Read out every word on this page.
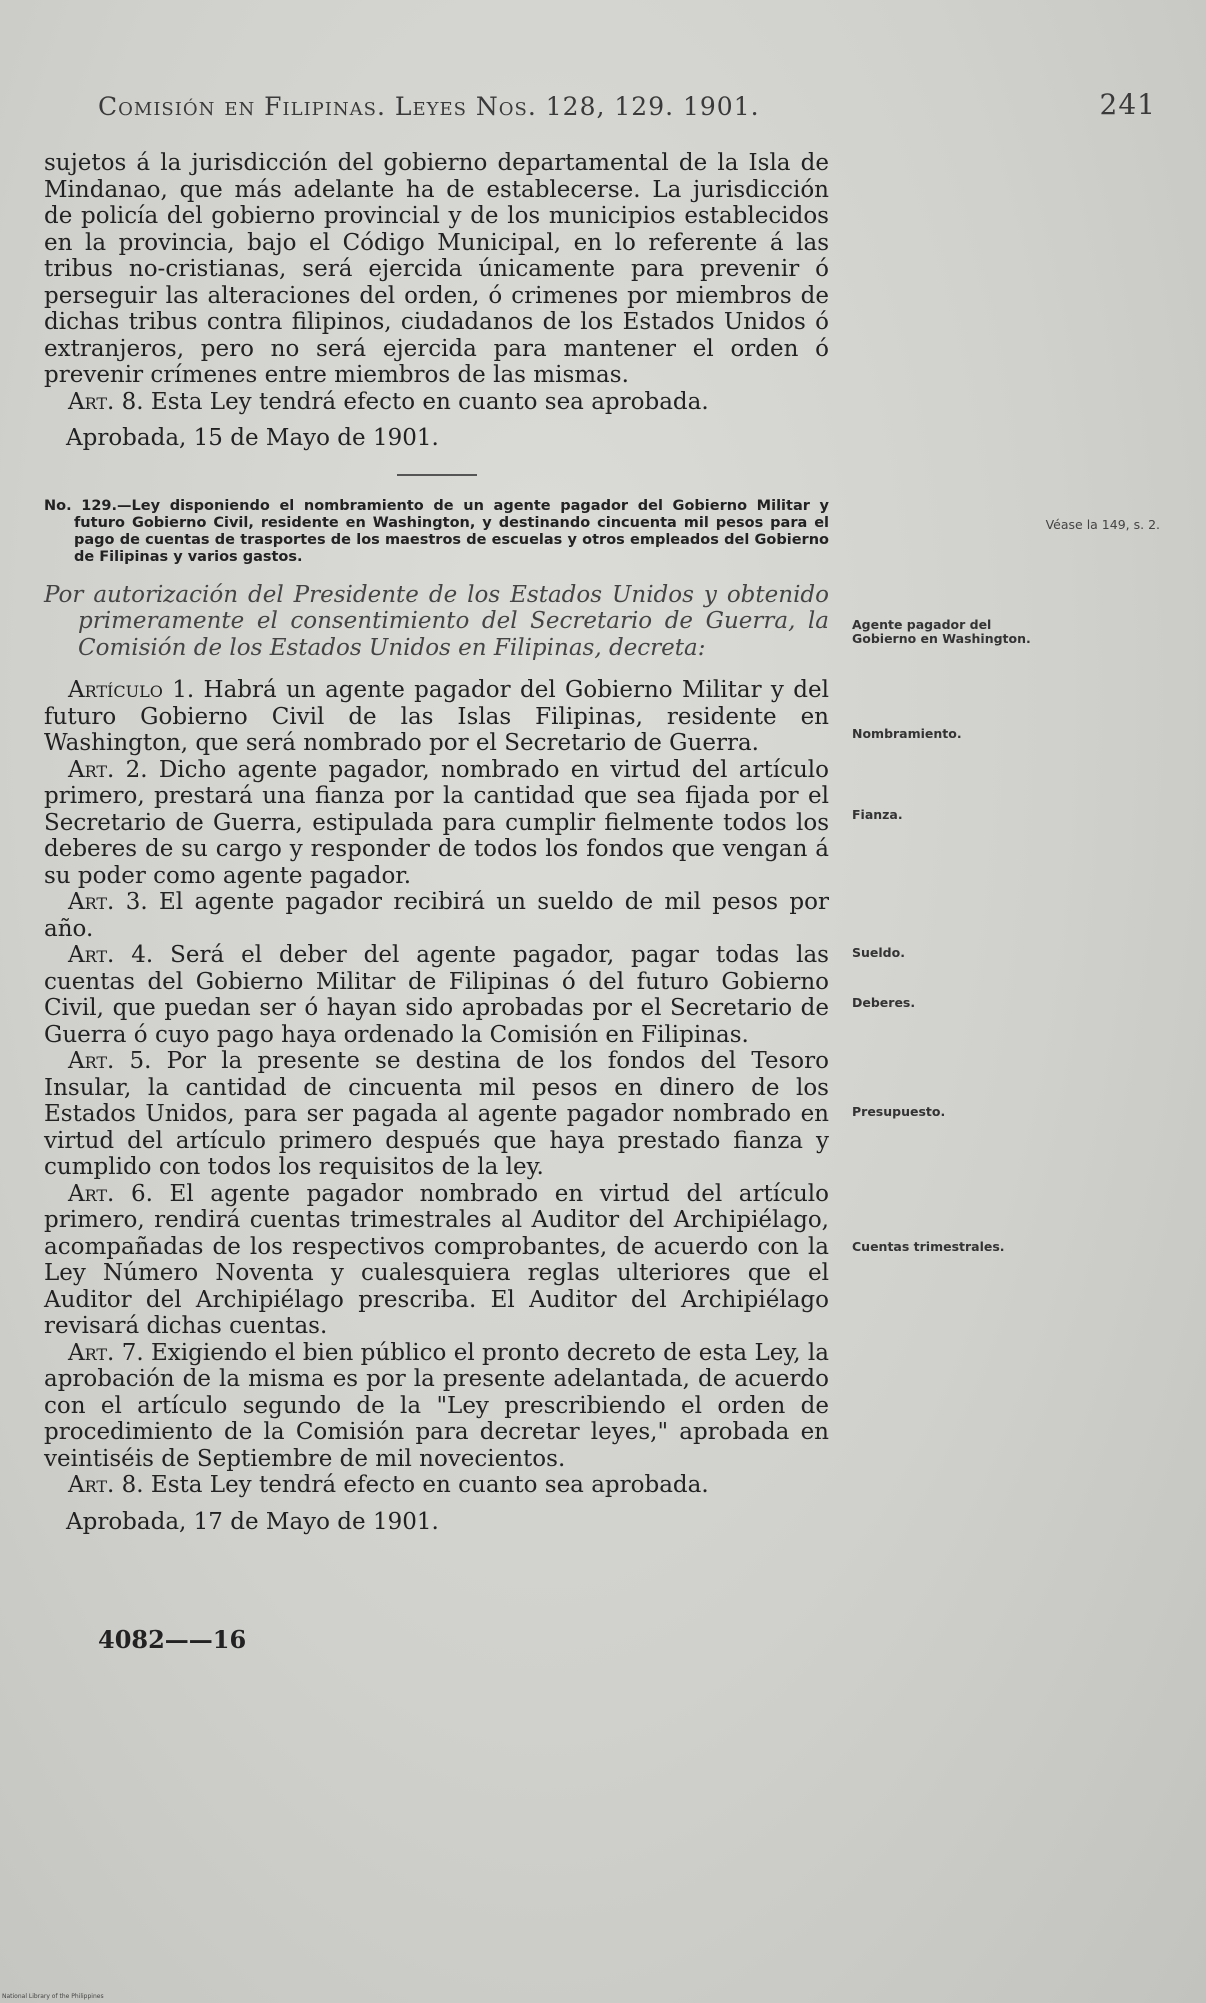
Comisión en Filipinas. Leyes Nos. 128, 129. 1901.	241

sujetos á la jurisdicción del gobierno departamental de la Isla de Mindanao, que más adelante ha de establecerse. La jurisdicción de policía del gobierno provincial y de los municipios establecidos en la provincia, bajo el Código Municipal, en lo referente á las tribus no-cristianas, será ejercida únicamente para prevenir ó perseguir las alteraciones del orden, ó crimenes por miembros de dichas tribus contra filipinos, ciudadanos de los Estados Unidos ó extranjeros, pero no será ejercida para mantener el orden ó prevenir crímenes entre miembros de las mismas.

Art. 8. Esta Ley tendrá efecto en cuanto sea aprobada.

Aprobada, 15 de Mayo de 1901.

No. 129.—Ley disponiendo el nombramiento de un agente pagador del Gobierno Militar y futuro Gobierno Civil, residente en Washington, y destinando cincuenta mil pesos para el pago de cuentas de trasportes de los maestros de escuelas y otros empleados del Gobierno de Filipinas y varios gastos.

Por autorización del Presidente de los Estados Unidos y obtenido primeramente el consentimiento del Secretario de Guerra, la Comisión de los Estados Unidos en Filipinas, decreta:

Artículo 1. Habrá un agente pagador del Gobierno Militar y del futuro Gobierno Civil de las Islas Filipinas, residente en Washington, que será nombrado por el Secretario de Guerra.

Art. 2. Dicho agente pagador, nombrado en virtud del artículo primero, prestará una fianza por la cantidad que sea fijada por el Secretario de Guerra, estipulada para cumplir fielmente todos los deberes de su cargo y responder de todos los fondos que vengan á su poder como agente pagador.

Art. 3. El agente pagador recibirá un sueldo de mil pesos por año.

Art. 4. Será el deber del agente pagador, pagar todas las cuentas del Gobierno Militar de Filipinas ó del futuro Gobierno Civil, que puedan ser ó hayan sido aprobadas por el Secretario de Guerra ó cuyo pago haya ordenado la Comisión en Filipinas.

Art. 5. Por la presente se destina de los fondos del Tesoro Insular, la cantidad de cincuenta mil pesos en dinero de los Estados Unidos, para ser pagada al agente pagador nombrado en virtud del artículo primero después que haya prestado fianza y cumplido con todos los requisitos de la ley.

Art. 6. El agente pagador nombrado en virtud del artículo primero, rendirá cuentas trimestrales al Auditor del Archipiélago, acompañadas de los respectivos comprobantes, de acuerdo con la Ley Número Noventa y cualesquiera reglas ulteriores que el Auditor del Archipiélago prescriba. El Auditor del Archipiélago revisará dichas cuentas.

Art. 7. Exigiendo el bien público el pronto decreto de esta Ley, la aprobación de la misma es por la presente adelantada, de acuerdo con el artículo segundo de la "Ley prescribiendo el orden de procedimiento de la Comisión para decretar leyes," aprobada en veintiséis de Septiembre de mil novecientos.

Art. 8. Esta Ley tendrá efecto en cuanto sea aprobada.

Aprobada, 17 de Mayo de 1901.

Véase la 149, s. 2.
Agente pagador del Gobierno en Washington.
Nombramiento.
Fianza.
Sueldo.
Deberes.
Presupuesto.
Cuentas trimestrales.
4082——16
National Library of the Philippines
